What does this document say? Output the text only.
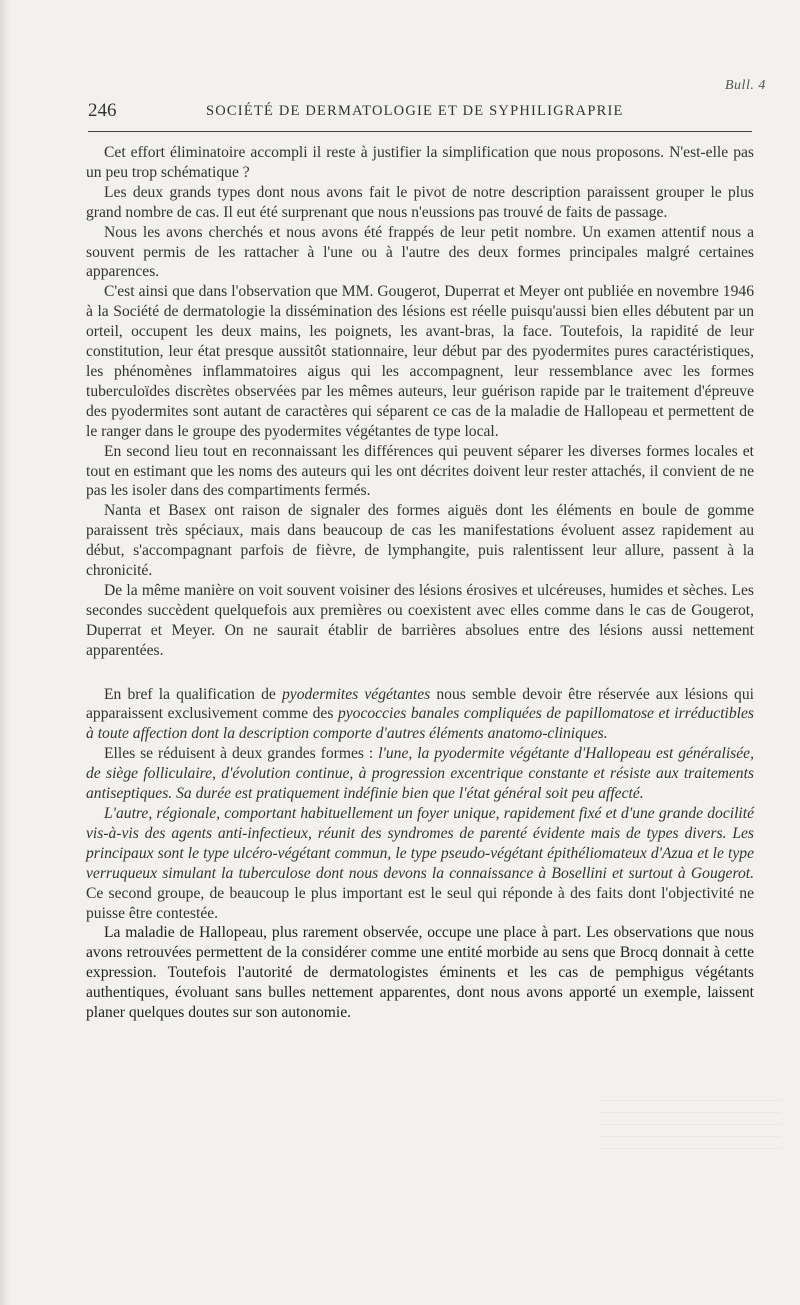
Bull. 4
246	SOCIÉTÉ DE DERMATOLOGIE ET DE SYPHILIGRAPRIE

Cet effort éliminatoire accompli il reste à justifier la simplification que nous proposons. N'est-elle pas un peu trop schématique ?

Les deux grands types dont nous avons fait le pivot de notre description paraissent grouper le plus grand nombre de cas. Il eut été surprenant que nous n'eussions pas trouvé de faits de passage.

Nous les avons cherchés et nous avons été frappés de leur petit nombre. Un examen attentif nous a souvent permis de les rattacher à l'une ou à l'autre des deux formes principales malgré certaines apparences.

C'est ainsi que dans l'observation que MM. Gougerot, Duperrat et Meyer ont publiée en novembre 1946 à la Société de dermatologie la dissémination des lésions est réelle puisqu'aussi bien elles débutent par un orteil, occupent les deux mains, les poignets, les avant-bras, la face. Toutefois, la rapidité de leur constitution, leur état presque aussitôt stationnaire, leur début par des pyodermites pures caractéristiques, les phénomènes inflammatoires aigus qui les accompagnent, leur ressemblance avec les formes tuberculoïdes discrètes observées par les mêmes auteurs, leur guérison rapide par le traitement d'épreuve des pyodermites sont autant de caractères qui séparent ce cas de la maladie de Hallopeau et permettent de le ranger dans le groupe des pyodermites végétantes de type local.

En second lieu tout en reconnaissant les différences qui peuvent séparer les diverses formes locales et tout en estimant que les noms des auteurs qui les ont décrites doivent leur rester attachés, il convient de ne pas les isoler dans des compartiments fermés.

Nanta et Basex ont raison de signaler des formes aiguës dont les éléments en boule de gomme paraissent très spéciaux, mais dans beaucoup de cas les manifestations évoluent assez rapidement au début, s'accompagnant parfois de fièvre, de lymphangite, puis ralentissent leur allure, passent à la chronicité.

De la même manière on voit souvent voisiner des lésions érosives et ulcéreuses, humides et sèches. Les secondes succèdent quelquefois aux premières ou coexistent avec elles comme dans le cas de Gougerot, Duperrat et Meyer. On ne saurait établir de barrières absolues entre des lésions aussi nettement apparentées.

En bref la qualification de pyodermites végétantes nous semble devoir être réservée aux lésions qui apparaissent exclusivement comme des pyococcies banales compliquées de papillomatose et irréductibles à toute affection dont la description comporte d'autres éléments anatomo-cliniques.

Elles se réduisent à deux grandes formes : l'une, la pyodermite végétante d'Hallopeau est généralisée, de siège folliculaire, d'évolution continue, à progression excentrique constante et résiste aux traitements antiseptiques. Sa durée est pratiquement indéfinie bien que l'état général soit peu affecté.

L'autre, régionale, comportant habituellement un foyer unique, rapidement fixé et d'une grande docilité vis-à-vis des agents anti-infectieux, réunit des syndromes de parenté évidente mais de types divers. Les principaux sont le type ulcéro-végétant commun, le type pseudo-végétant épithéliomateux d'Azua et le type verruqueux simulant la tuberculose dont nous devons la connaissance à Bosellini et surtout à Gougerot. Ce second groupe, de beaucoup le plus important est le seul qui réponde à des faits dont l'objectivité ne puisse être contestée.

La maladie de Hallopeau, plus rarement observée, occupe une place à part. Les observations que nous avons retrouvées permettent de la considérer comme une entité morbide au sens que Brocq donnait à cette expression. Toutefois l'autorité de dermatologistes éminents et les cas de pemphigus végétants authentiques, évoluant sans bulles nettement apparentes, dont nous avons apporté un exemple, laissent planer quelques doutes sur son autonomie.
